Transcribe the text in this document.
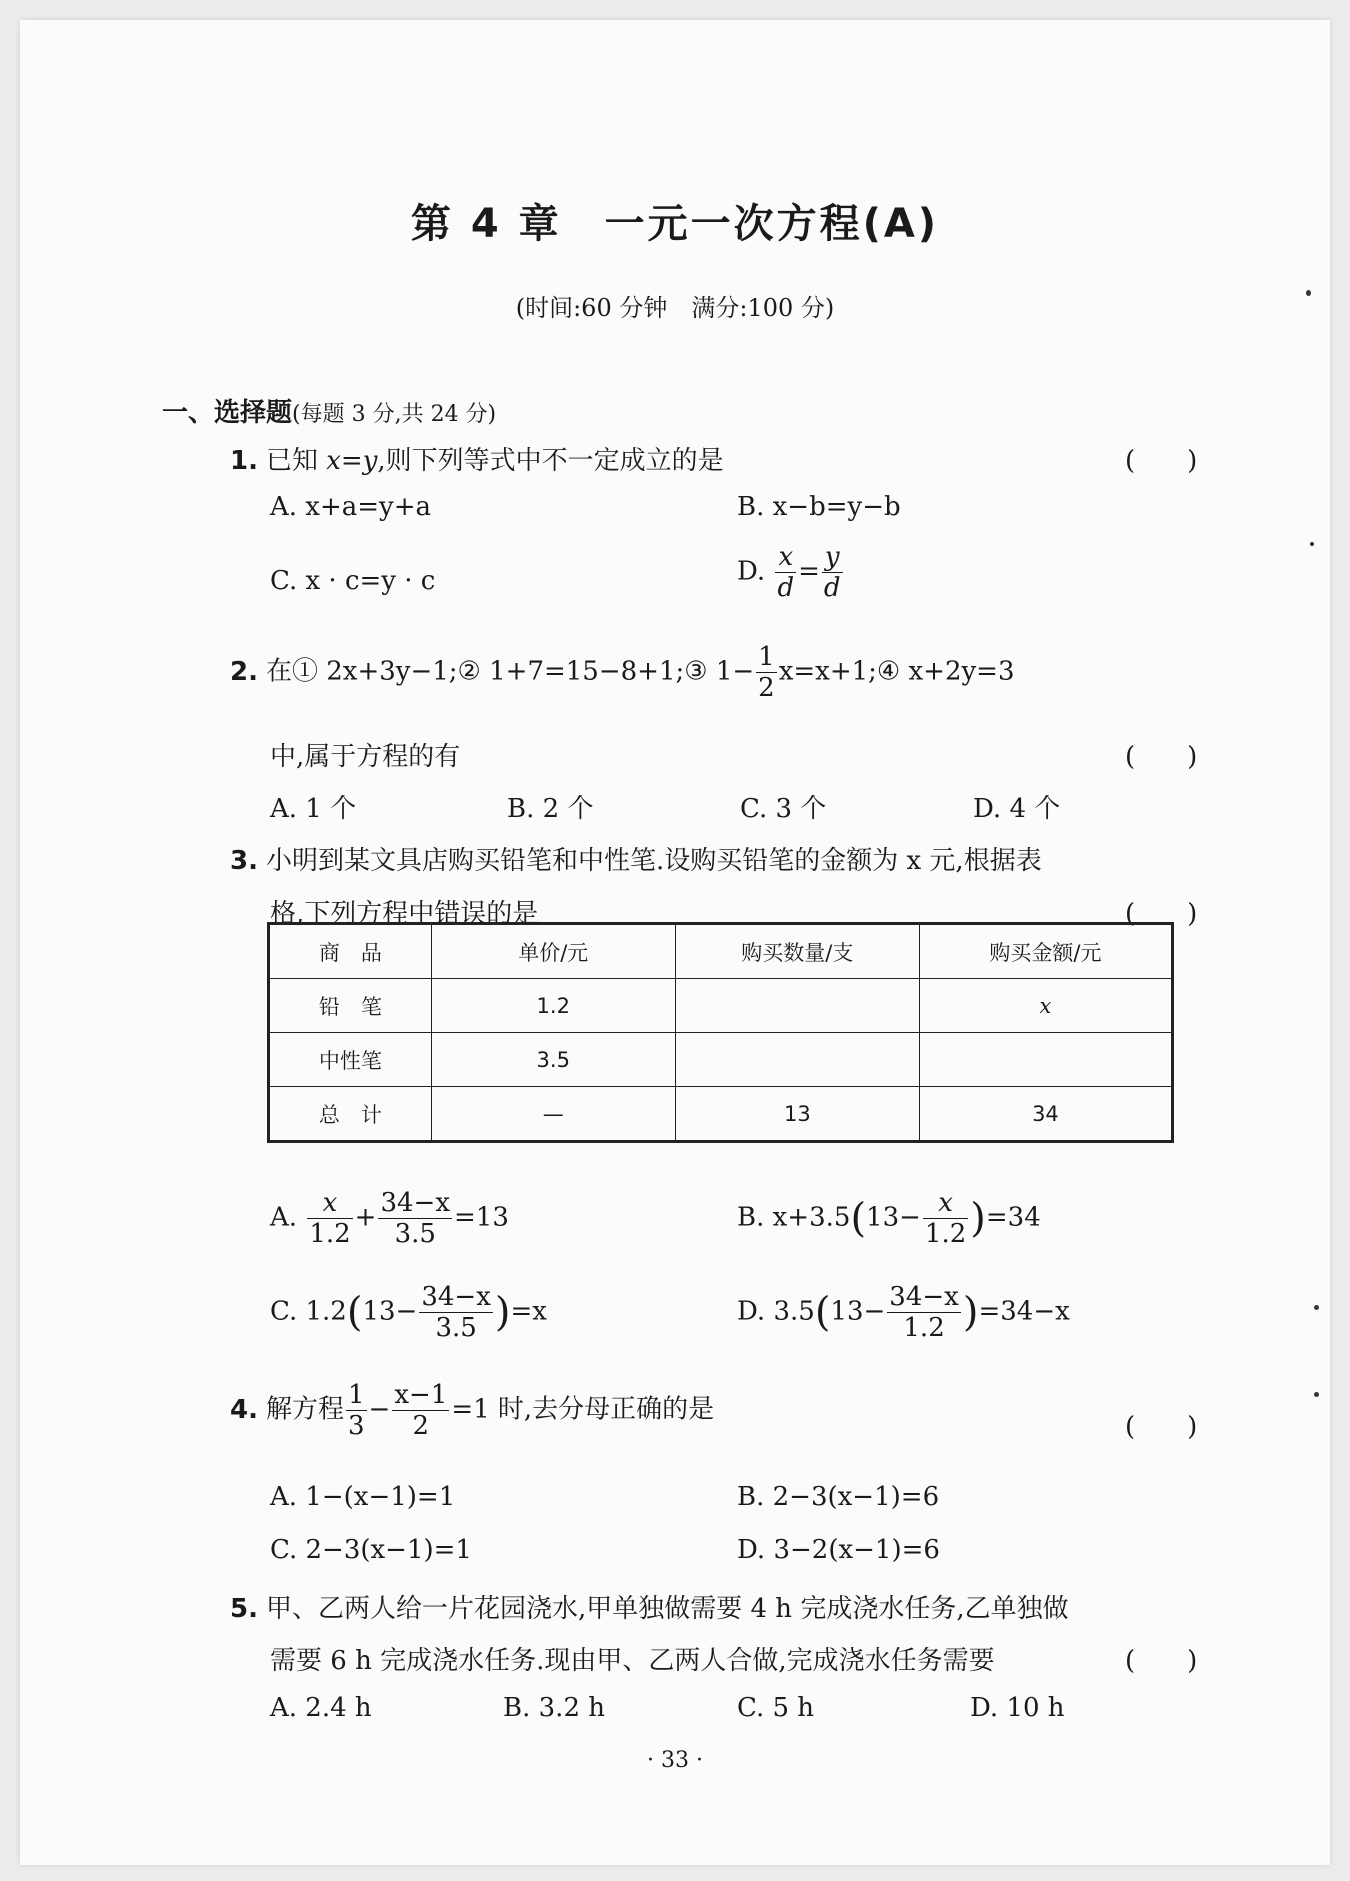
第 4 章　一元一次方程(A)
(时间:60 分钟　满分:100 分)
一、选择题(每题 3 分,共 24 分)
1. 已知 x=y,则下列等式中不一定成立的是	(　　)
A. x+a=y+a	B. x−b=y−b
C. x · c=y · c	D. $\frac{x}{d} = \frac{y}{d}$
2. 在① 2x+3y−1;② 1+7=15−8+1;③ $1- \frac{1}{2}$ x=x+1;④ x+2y=3
中,属于方程的有	(　　)
A. 1 个	B. 2 个	C. 3 个	D. 4 个
3. 小明到某文具店购买铅笔和中性笔.设购买铅笔的金额为 x 元,根据表
格,下列方程中错误的是	(　　)
商　品	单价/元	购买数量/支	购买金额/元
铅　笔	1.2		x
中性笔	3.5		
总　计	—	13	34
A. $\frac{x}{1.2} + \frac{34-x}{3.5} =13$	B. $x+3.5(13- \frac{x}{1.2} )=34$
C. $1.2(13- \frac{34-x}{3.5} )=x$	D. $3.5(13- \frac{34-x}{1.2} )=34-x$
4. 解方程 $\frac{1}{3} - \frac{x-1}{2} =1$ 时,去分母正确的是
(　　)
A. 1−(x−1)=1	B. 2−3(x−1)=6
C. 2−3(x−1)=1	D. 3−2(x−1)=6
5. 甲、乙两人给一片花园浇水,甲单独做需要 4 h 完成浇水任务,乙单独做
需要 6 h 完成浇水任务.现由甲、乙两人合做,完成浇水任务需要	(　　)
A. 2.4 h	B. 3.2 h	C. 5 h	D. 10 h
· 33 ·
